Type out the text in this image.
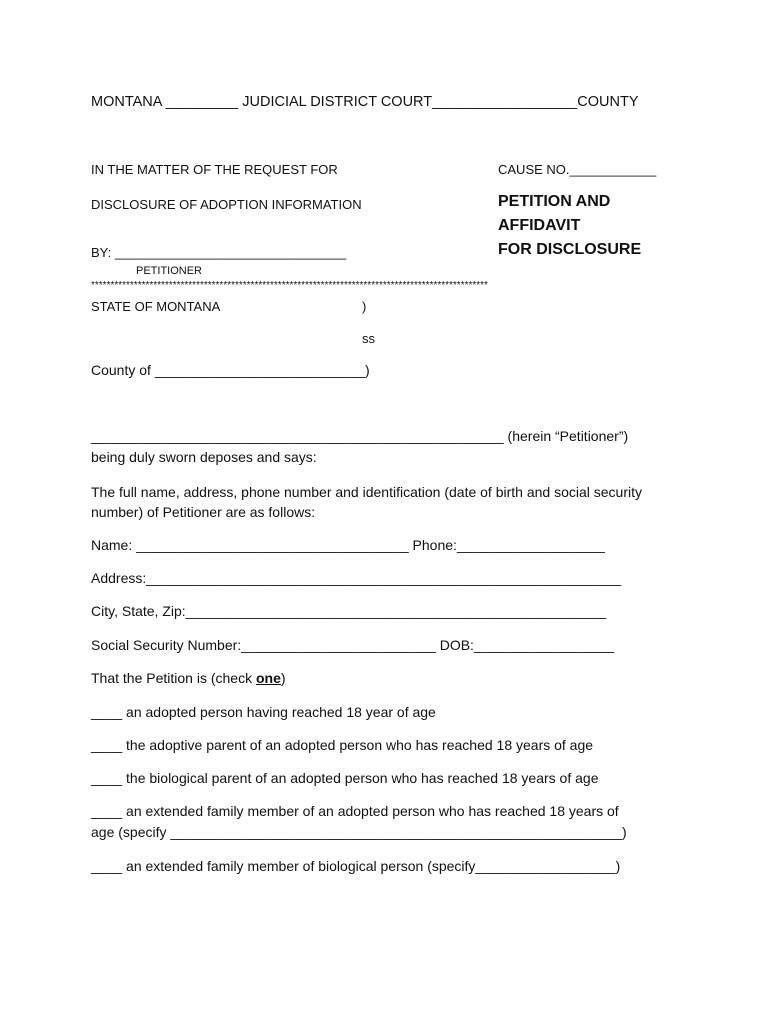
MONTANA _________ JUDICIAL DISTRICT COURT__________________COUNTY

IN THE MATTER OF THE REQUEST FOR

DISCLOSURE OF ADOPTION INFORMATION

BY: ________________________________

PETITIONER

CAUSE NO.____________

PETITION AND

AFFIDAVIT

FOR DISCLOSURE

******************************************************************************************************

STATE OF MONTANA	)

ss

County of ___________________________)

_____________________________________________________ (herein “Petitioner”)

being duly sworn deposes and says:

The full name, address, phone number and identification (date of birth and social security number) of Petitioner are as follows:

Name: ___________________________________ Phone:___________________

Address:_____________________________________________________________

City, State, Zip:______________________________________________________

Social Security Number:_________________________ DOB:__________________

That the Petition is (check one)

____ an adopted person having reached 18 year of age

____ the adoptive parent of an adopted person who has reached 18 years of age

____ the biological parent of an adopted person who has reached 18 years of age

____ an extended family member of an adopted person who has reached 18 years of

age (specify __________________________________________________________)

____ an extended family member of biological person (specify__________________)
